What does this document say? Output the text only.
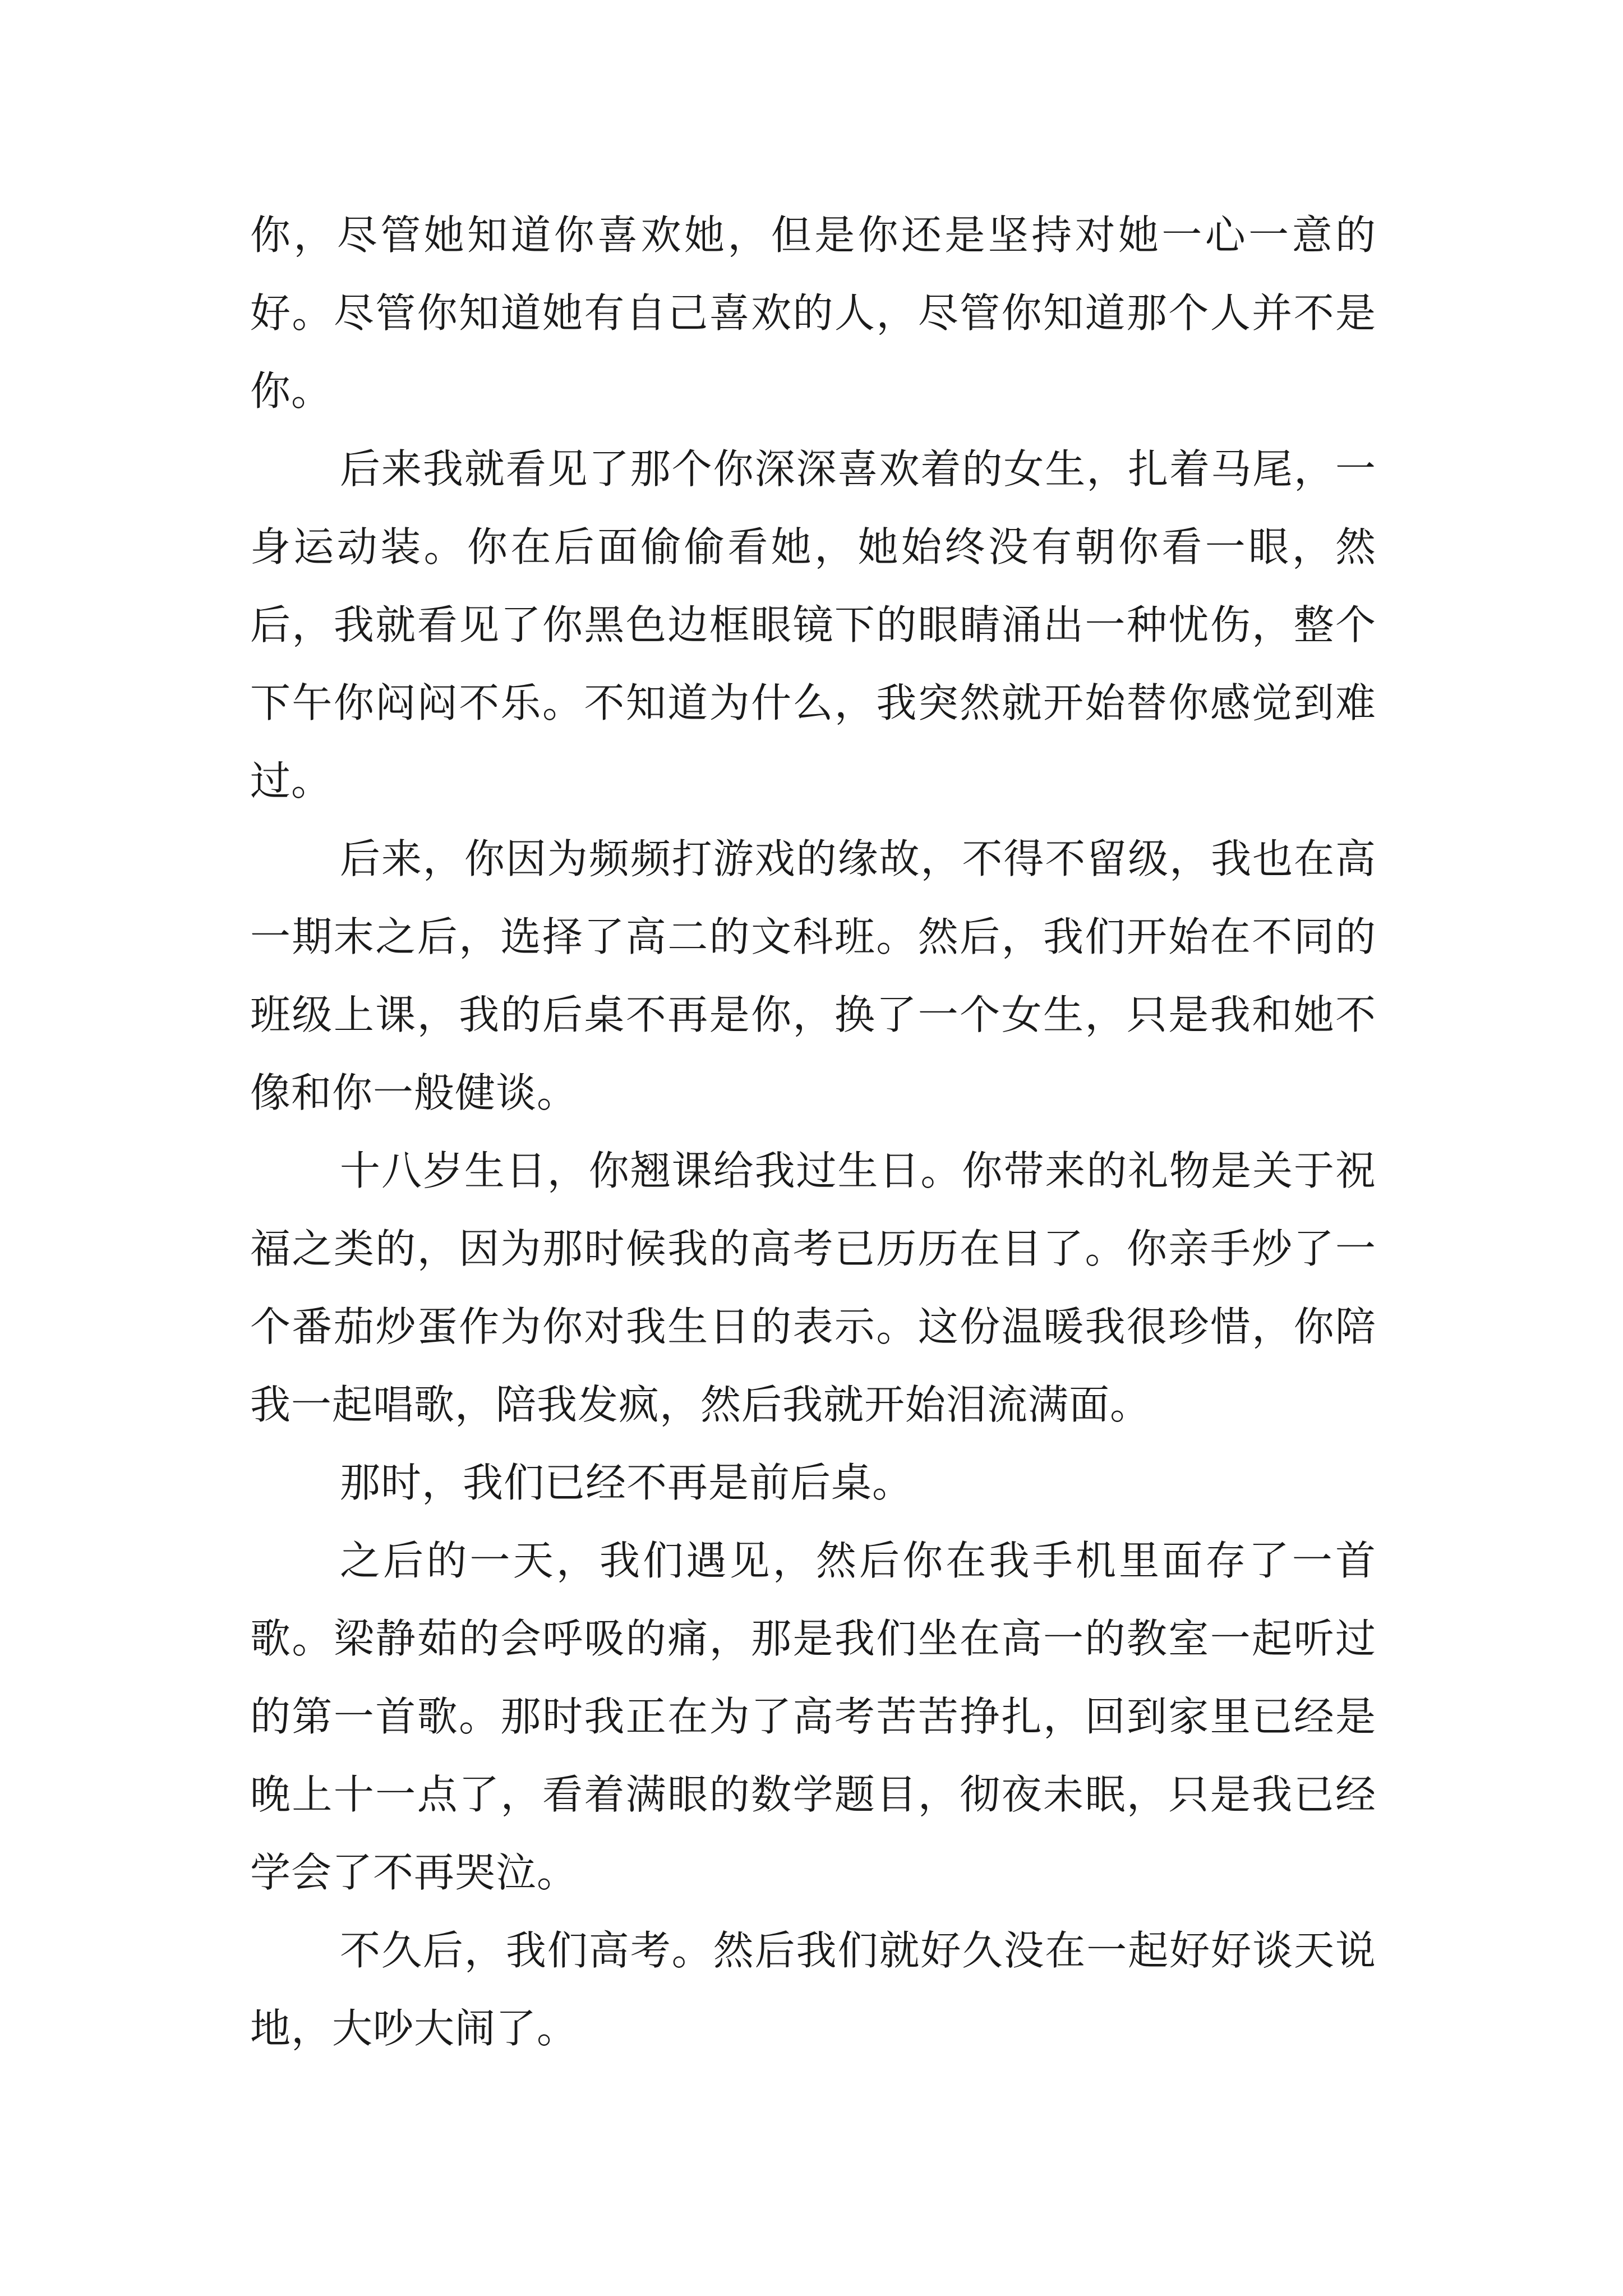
你，尽管她知道你喜欢她，但是你还是坚持对她一心一意的好。尽管你知道她有自己喜欢的人，尽管你知道那个人并不是你。

后来我就看见了那个你深深喜欢着的女生，扎着马尾，一身运动装。你在后面偷偷看她，她始终没有朝你看一眼，然后，我就看见了你黑色边框眼镜下的眼睛涌出一种忧伤，整个下午你闷闷不乐。不知道为什么，我突然就开始替你感觉到难过。

后来，你因为频频打游戏的缘故，不得不留级，我也在高一期末之后，选择了高二的文科班。然后，我们开始在不同的班级上课，我的后桌不再是你，换了一个女生，只是我和她不像和你一般健谈。

十八岁生日，你翘课给我过生日。你带来的礼物是关于祝福之类的，因为那时候我的高考已历历在目了。你亲手炒了一个番茄炒蛋作为你对我生日的表示。这份温暖我很珍惜，你陪我一起唱歌，陪我发疯，然后我就开始泪流满面。

那时，我们已经不再是前后桌。

之后的一天，我们遇见，然后你在我手机里面存了一首歌。梁静茹的会呼吸的痛，那是我们坐在高一的教室一起听过的第一首歌。那时我正在为了高考苦苦挣扎，回到家里已经是晚上十一点了，看着满眼的数学题目，彻夜未眠，只是我已经学会了不再哭泣。

不久后，我们高考。然后我们就好久没在一起好好谈天说地，大吵大闹了。
